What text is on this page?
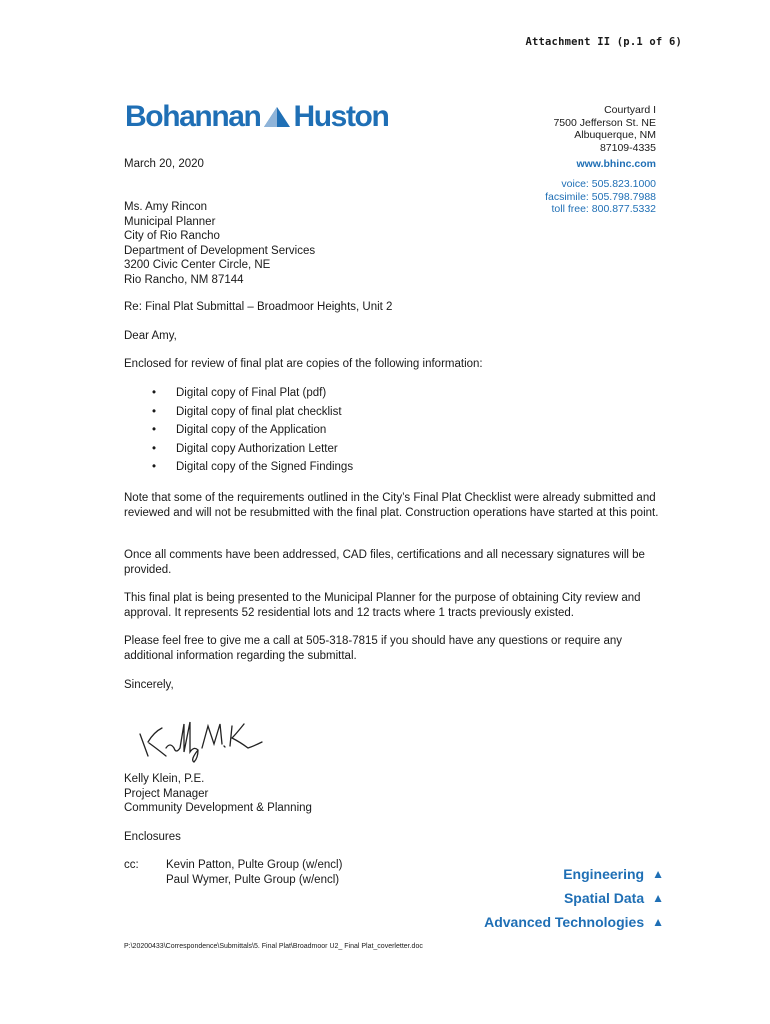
Attachment II (p.1 of 6)
Bohannan Huston	Courtyard I
7500 Jefferson St. NE
Albuquerque, NM
87109-4335
www.bhinc.com
voice: 505.823.1000
facsimile: 505.798.7988
toll free: 800.877.5332
March 20, 2020
Ms. Amy Rincon
Municipal Planner
City of Rio Rancho
Department of Development Services
3200 Civic Center Circle, NE
Rio Rancho, NM 87144
Re: Final Plat Submittal – Broadmoor Heights, Unit 2
Dear Amy,
Enclosed for review of final plat are copies of the following information:
• Digital copy of Final Plat (pdf)
• Digital copy of final plat checklist
• Digital copy of the Application
• Digital copy Authorization Letter
• Digital copy of the Signed Findings
Note that some of the requirements outlined in the City’s Final Plat Checklist were already submitted and reviewed and will not be resubmitted with the final plat. Construction operations have started at this point.
Once all comments have been addressed, CAD files, certifications and all necessary signatures will be provided.
This final plat is being presented to the Municipal Planner for the purpose of obtaining City review and approval. It represents 52 residential lots and 12 tracts where 1 tracts previously existed.
Please feel free to give me a call at 505-318-7815 if you should have any questions or require any additional information regarding the submittal.
Sincerely,
Kelly Klein, P.E.
Project Manager
Community Development & Planning
Enclosures
cc: Kevin Patton, Pulte Group (w/encl)
Paul Wymer, Pulte Group (w/encl)	Engineering ▲
Spatial Data ▲
Advanced Technologies ▲
P:\20200433\Correspondence\Submittals\5. Final Plat\Broadmoor U2_ Final Plat_coverletter.doc
